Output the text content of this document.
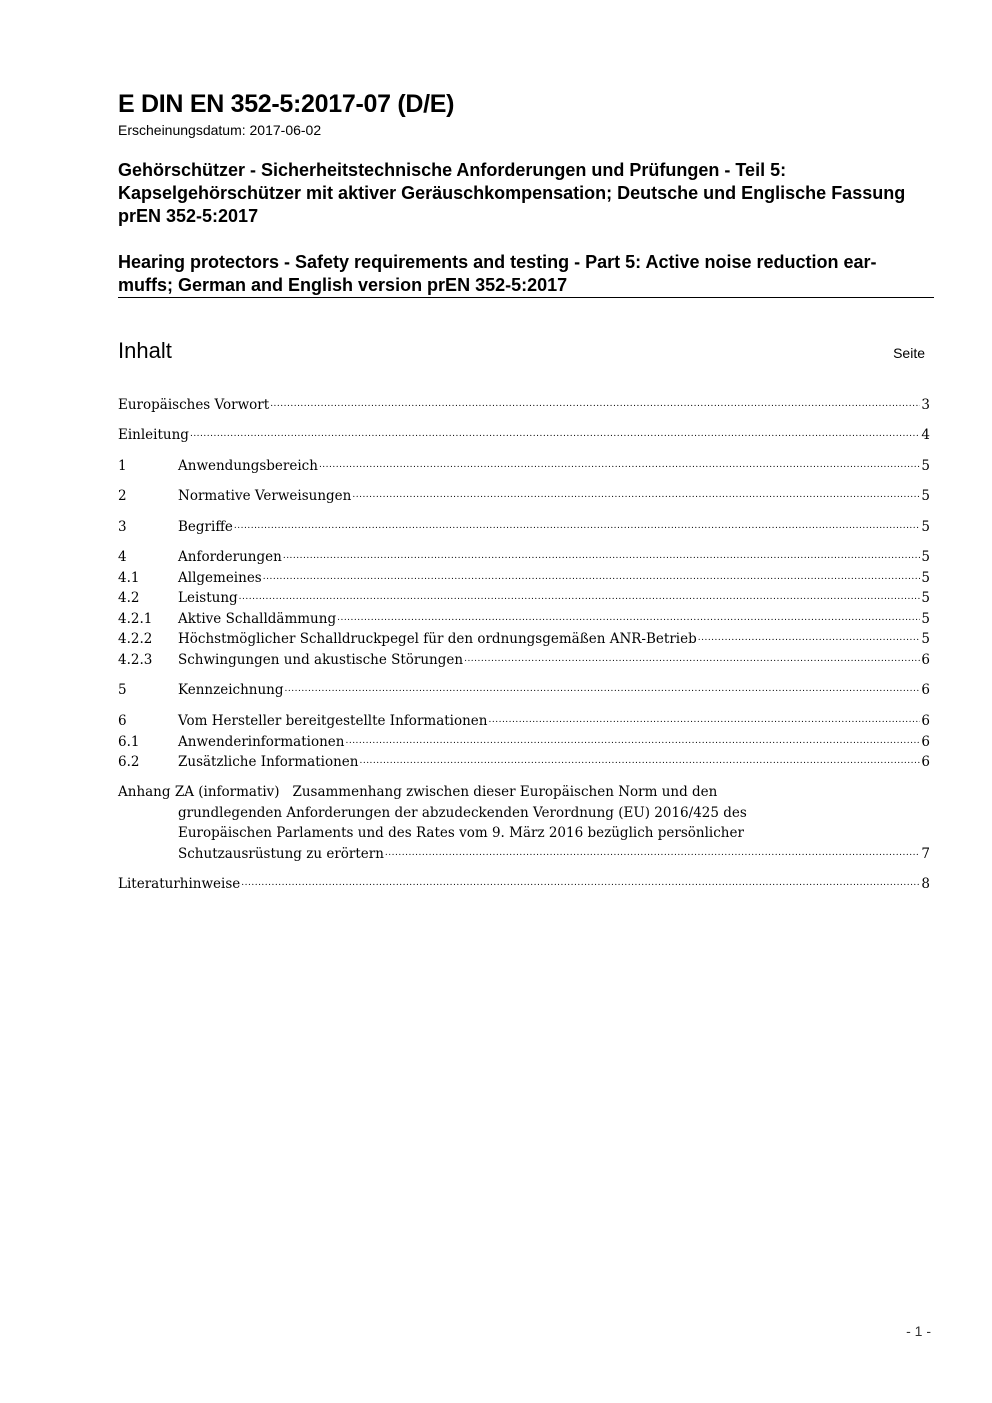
E DIN EN 352-5:2017-07 (D/E)
Erscheinungsdatum: 2017-06-02
Gehörschützer - Sicherheitstechnische Anforderungen und Prüfungen - Teil 5: Kapselgehörschützer mit aktiver Geräuschkompensation; Deutsche und Englische Fassung prEN 352-5:2017
Hearing protectors - Safety requirements and testing - Part 5: Active noise reduction ear-muffs; German and English version prEN 352-5:2017
Inhalt	Seite
Europäisches Vorwort .....	3
Einleitung .....	4
1	Anwendungsbereich .....	5
2	Normative Verweisungen .....	5
3	Begriffe .....	5
4	Anforderungen .....	5
4.1	Allgemeines .....	5
4.2	Leistung .....	5
4.2.1	Aktive Schalldämmung .....	5
4.2.2	Höchstmöglicher Schalldruckpegel für den ordnungsgemäßen ANR-Betrieb .....	5
4.2.3	Schwingungen und akustische Störungen .....	6
5	Kennzeichnung .....	6
6	Vom Hersteller bereitgestellte Informationen .....	6
6.1	Anwenderinformationen .....	6
6.2	Zusätzliche Informationen .....	6
Anhang ZA (informativ) Zusammenhang zwischen dieser Europäischen Norm und den
grundlegenden Anforderungen der abzudeckenden Verordnung (EU) 2016/425 des
Europäischen Parlaments und des Rates vom 9. März 2016 bezüglich persönlicher
Schutzausrüstung zu erörtern .....	7
Literaturhinweise .....	8
- 1 -
